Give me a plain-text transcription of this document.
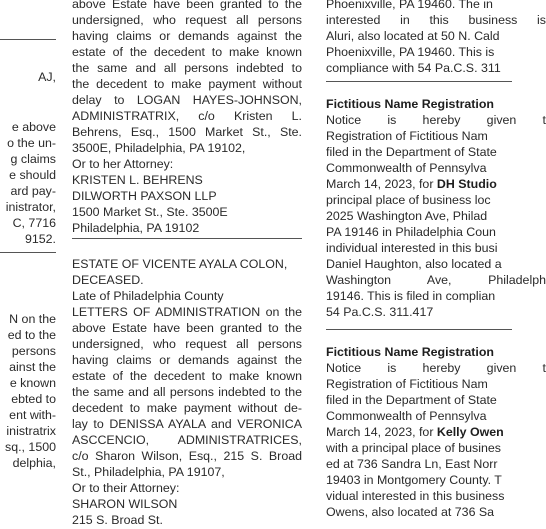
AJ,
e above
o the un-
g claims
e should
ard pay-
inistrator,
C, 7716
9152.
N on the
ed to the
persons
ainst the
e known
ebted to
ent with-
inistratrix
sq., 1500
delphia,
above Estate have been granted to the
undersigned, who request all persons
having claims or demands against the
estate of the decedent to make known
the same and all persons indebted to
the decedent to make payment without
delay to LOGAN HAYES-JOHNSON,
ADMINISTRATRIX, c/o Kristen L.
Behrens, Esq., 1500 Market St., Ste.
3500E, Philadelphia, PA 19102,
Or to her Attorney:
KRISTEN L. BEHRENS
DILWORTH PAXSON LLP
1500 Market St., Ste. 3500E
Philadelphia, PA 19102
ESTATE OF VICENTE AYALA COLON,
DECEASED.
Late of Philadelphia County
LETTERS OF ADMINISTRATION on the
above Estate have been granted to the
undersigned, who request all persons
having claims or demands against the
estate of the decedent to make known
the same and all persons indebted to the
decedent to make payment without de-
lay to DENISSA AYALA and VERONICA
ASCCENCIO, ADMINISTRATRICES,
c/o Sharon Wilson, Esq., 215 S. Broad
St., Philadelphia, PA 19107,
Or to their Attorney:
SHARON WILSON
215 S. Broad St.
Phoenixville, PA 19460. The in
interested in this business is
Aluri, also located at 50 N. Cald
Phoenixville, PA 19460. This is
compliance with 54 Pa.C.S. 311
Fictitious Name Registration
Notice is hereby given t
Registration of Fictitious Nam
filed in the Department of State
Commonwealth of Pennsylva
March 14, 2023, for DH Studio
principal place of business loc
2025 Washington Ave, Philad
PA 19146 in Philadelphia Coun
individual interested in this busi
Daniel Haughton, also located a
Washington Ave, Philadelph
19146. This is filed in complian
54 Pa.C.S. 311.417
Fictitious Name Registration
Notice is hereby given t
Registration of Fictitious Nam
filed in the Department of State
Commonwealth of Pennsylva
March 14, 2023, for Kelly Owen
with a principal place of busines
ed at 736 Sandra Ln, East Norr
19403 in Montgomery County. T
vidual interested in this business
Owens, also located at 736 Sa
